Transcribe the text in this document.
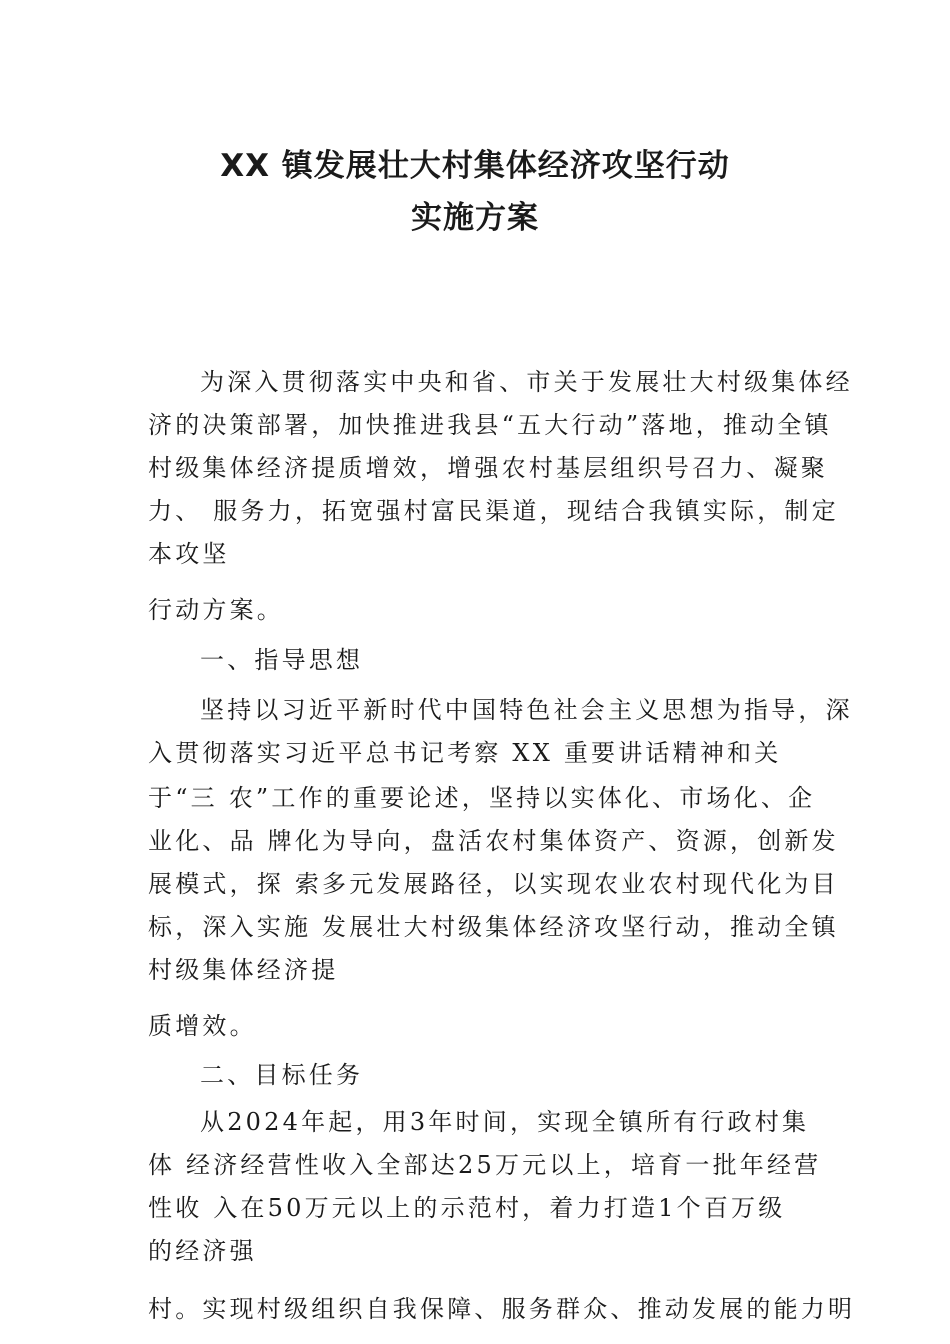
XX 镇发展壮大村集体经济攻坚行动
实施方案
为深入贯彻落实中央和省、市关于发展壮大村级集体经
济的决策部署，加快推进我县“五大行动”落地，推动全镇
村级集体经济提质增效，增强农村基层组织号召力、凝聚
力、 服务力，拓宽强村富民渠道，现结合我镇实际，制定
本攻坚
行动方案。
一、指导思想
坚持以习近平新时代中国特色社会主义思想为指导，深
入贯彻落实习近平总书记考察 XX 重要讲话精神和关
于“三 农”工作的重要论述，坚持以实体化、市场化、企
业化、品 牌化为导向，盘活农村集体资产、资源，创新发
展模式，探 索多元发展路径，以实现农业农村现代化为目
标，深入实施 发展壮大村级集体经济攻坚行动，推动全镇
村级集体经济提
质增效。
二、目标任务
从2024年起，用3年时间，实现全镇所有行政村集
体 经济经营性收入全部达25万元以上，培育一批年经营
性收 入在50万元以上的示范村，着力打造1个百万级
的经济强
村。实现村级组织自我保障、服务群众、推动发展的能力明
